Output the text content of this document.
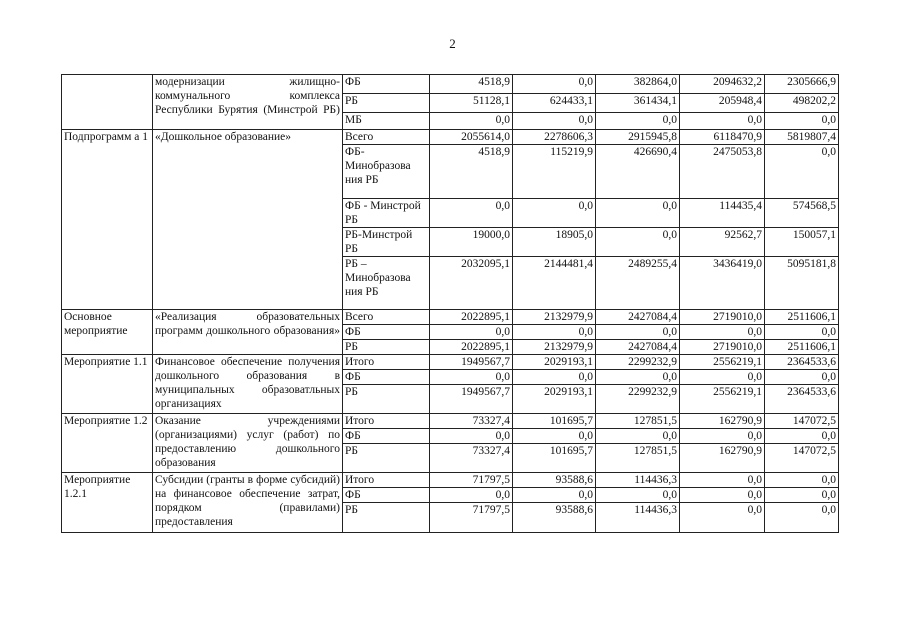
2
	модернизации жилищно-коммунального комплекса Республики Бурятия (Минстрой РБ)	ФБ	4518,9	0,0	382864,0	2094632,2	2305666,9
		РБ	51128,1	624433,1	361434,1	205948,4	498202,2
		МБ	0,0	0,0	0,0	0,0	0,0
Подпрограмм а 1	«Дошкольное образование»	Всего	2055614,0	2278606,3	2915945,8	6118470,9	5819807,4
		ФБ-Минобразова ния РБ	4518,9	115219,9	426690,4	2475053,8	0,0
		ФБ - Минстрой РБ	0,0	0,0	0,0	114435,4	574568,5
		РБ-Минстрой РБ	19000,0	18905,0	0,0	92562,7	150057,1
		РБ – Минобразова ния РБ	2032095,1	2144481,4	2489255,4	3436419,0	5095181,8
Основное мероприятие	«Реализация образовательных программ дошкольного образования»	Всего	2022895,1	2132979,9	2427084,4	2719010,0	2511606,1
		ФБ	0,0	0,0	0,0	0,0	0,0
		РБ	2022895,1	2132979,9	2427084,4	2719010,0	2511606,1
Мероприятие 1.1	Финансовое обеспечение получения дошкольного образования в муниципальных образоватльных организациях	Итого	1949567,7	2029193,1	2299232,9	2556219,1	2364533,6
		ФБ	0,0	0,0	0,0	0,0	0,0
		РБ	1949567,7	2029193,1	2299232,9	2556219,1	2364533,6
Мероприятие 1.2	Оказание учреждениями (организациями) услуг (работ) по предоставлению дошкольного образования	Итого	73327,4	101695,7	127851,5	162790,9	147072,5
		ФБ	0,0	0,0	0,0	0,0	0,0
		РБ	73327,4	101695,7	127851,5	162790,9	147072,5
Мероприятие 1.2.1	Субсидии (гранты в форме субсидий) на финансовое обеспечение затрат, порядком (правилами) предоставления	Итого	71797,5	93588,6	114436,3	0,0	0,0
		ФБ	0,0	0,0	0,0	0,0	0,0
		РБ	71797,5	93588,6	114436,3	0,0	0,0
